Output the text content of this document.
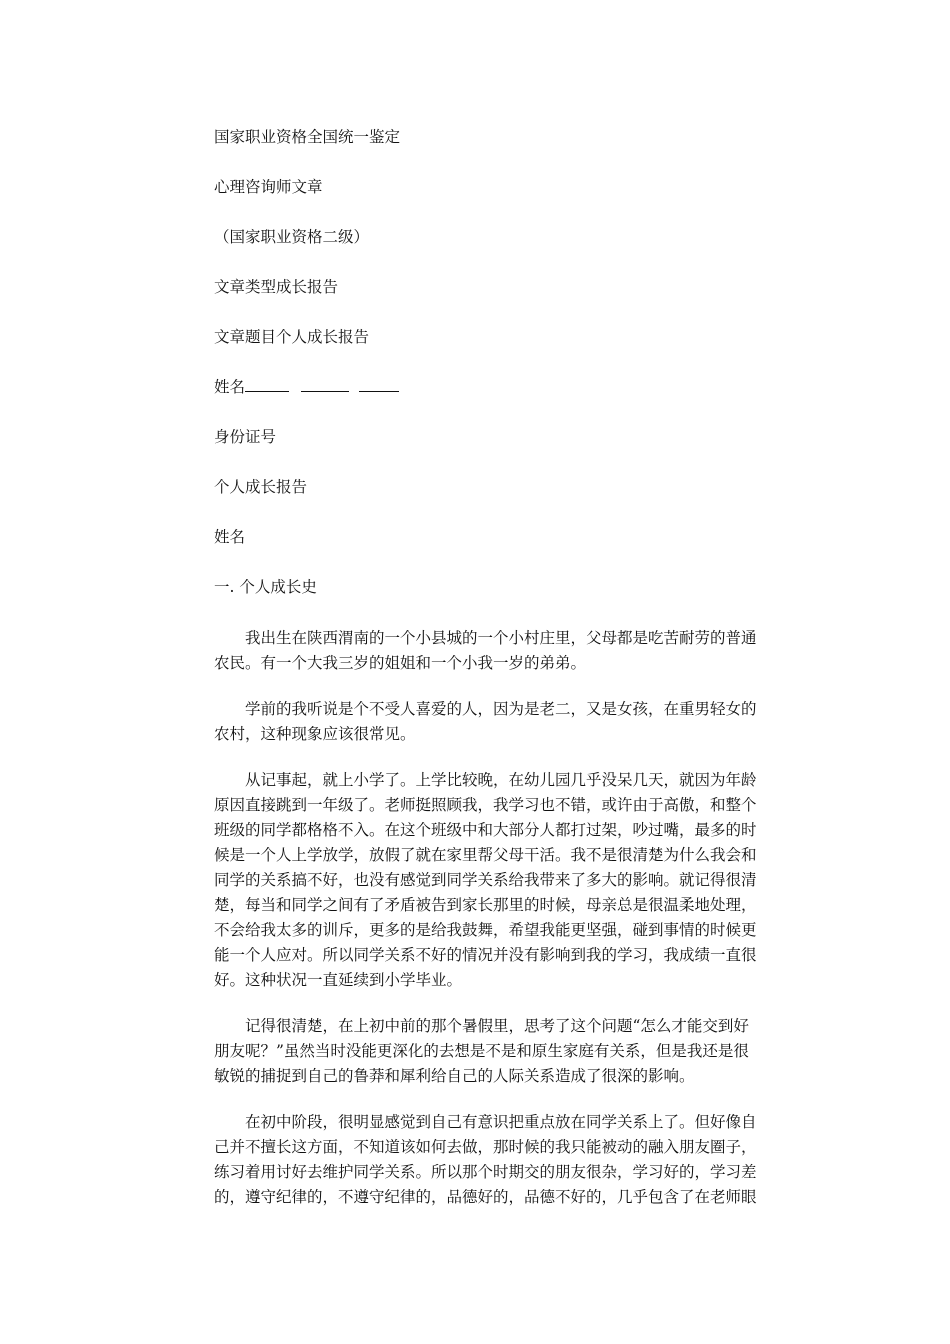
国家职业资格全国统一鉴定
心理咨询师文章
（国家职业资格二级）
文章类型成长报告
文章题目个人成长报告
姓名
身份证号
个人成长报告
姓名
一. 个人成长史
我出生在陕西渭南的一个小县城的一个小村庄里，父母都是吃苦耐劳的普通
农民。有一个大我三岁的姐姐和一个小我一岁的弟弟。
学前的我听说是个不受人喜爱的人，因为是老二，又是女孩，在重男轻女的
农村，这种现象应该很常见。
从记事起，就上小学了。上学比较晚，在幼儿园几乎没呆几天，就因为年龄
原因直接跳到一年级了。老师挺照顾我，我学习也不错，或许由于高傲，和整个
班级的同学都格格不入。在这个班级中和大部分人都打过架，吵过嘴，最多的时
候是一个人上学放学，放假了就在家里帮父母干活。我不是很清楚为什么我会和
同学的关系搞不好，也没有感觉到同学关系给我带来了多大的影响。就记得很清
楚，每当和同学之间有了矛盾被告到家长那里的时候，母亲总是很温柔地处理，
不会给我太多的训斥，更多的是给我鼓舞，希望我能更坚强，碰到事情的时候更
能一个人应对。所以同学关系不好的情况并没有影响到我的学习，我成绩一直很
好。这种状况一直延续到小学毕业。
记得很清楚，在上初中前的那个暑假里，思考了这个问题“怎么才能交到好
朋友呢？”虽然当时没能更深化的去想是不是和原生家庭有关系，但是我还是很
敏锐的捕捉到自己的鲁莽和犀利给自己的人际关系造成了很深的影响。
在初中阶段，很明显感觉到自己有意识把重点放在同学关系上了。但好像自
己并不擅长这方面，不知道该如何去做，那时候的我只能被动的融入朋友圈子，
练习着用讨好去维护同学关系。所以那个时期交的朋友很杂，学习好的，学习差
的，遵守纪律的，不遵守纪律的，品德好的，品德不好的，几乎包含了在老师眼
